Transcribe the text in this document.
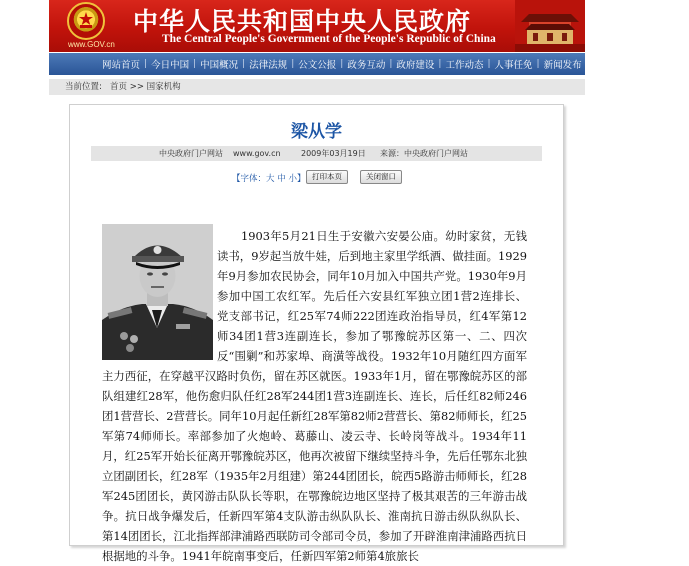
www.GOV.cn
中华人民共和国中央人民政府
The Central People's Government of the People's Republic of China
网站首页 | 今日中国 | 中国概况 | 法律法规 | 公文公报 | 政务互动 | 政府建设 | 工作动态 | 人事任免 | 新闻发布
当前位置: 首页 >> 国家机构
梁从学
中央政府门户网站 www.gov.cn	2009年03月19日 来源：中央政府门户网站
【字体：大 中 小】 打印本页	关闭窗口
1903年5月21日生于安徽六安晏公庙。幼时家贫，无钱读书，9岁起当放牛娃，后到地主家里学纸酒、做挂面。1929年9月参加农民协会，同年10月加入中国共产党。1930年9月参加中国工农红军。先后任六安县红军独立团1营2连排长、党支部书记，红25军74师222团连政治指导员，红4军第12师34团1营3连副连长，参加了鄂豫皖苏区第一、二、四次反“围剿”和苏家埠、商潢等战役。1932年10月随红四方面军主力西征，在穿越平汉路时负伤，留在苏区就医。1933年1月，留在鄂豫皖苏区的部队组建红28军，他伤愈归队任红28军244团1营3连副连长、连长，后任红82师246团1营营长、2营营长。同年10月起任新红28军第82师2营营长、第82师师长，红25军第74师师长。率部参加了火炮岭、葛藤山、凌云寺、长岭岗等战斗。1934年11月，红25军开始长征离开鄂豫皖苏区，他再次被留下继续坚持斗争，先后任鄂东北独立团副团长，红28军（1935年2月组建）第244团团长，皖西5路游击师师长，红28军245团团长，黄冈游击队队长等职，在鄂豫皖边地区坚持了极其艰苦的三年游击战争。抗日战争爆发后，任新四军第4支队游击纵队队长、淮南抗日游击纵队纵队长、第14团团长，江北指挥部津浦路西联防司令部司令员，参加了开辟淮南津浦路西抗日根据地的斗争。1941年皖南事变后，任新四军第2师第4旅旅长
